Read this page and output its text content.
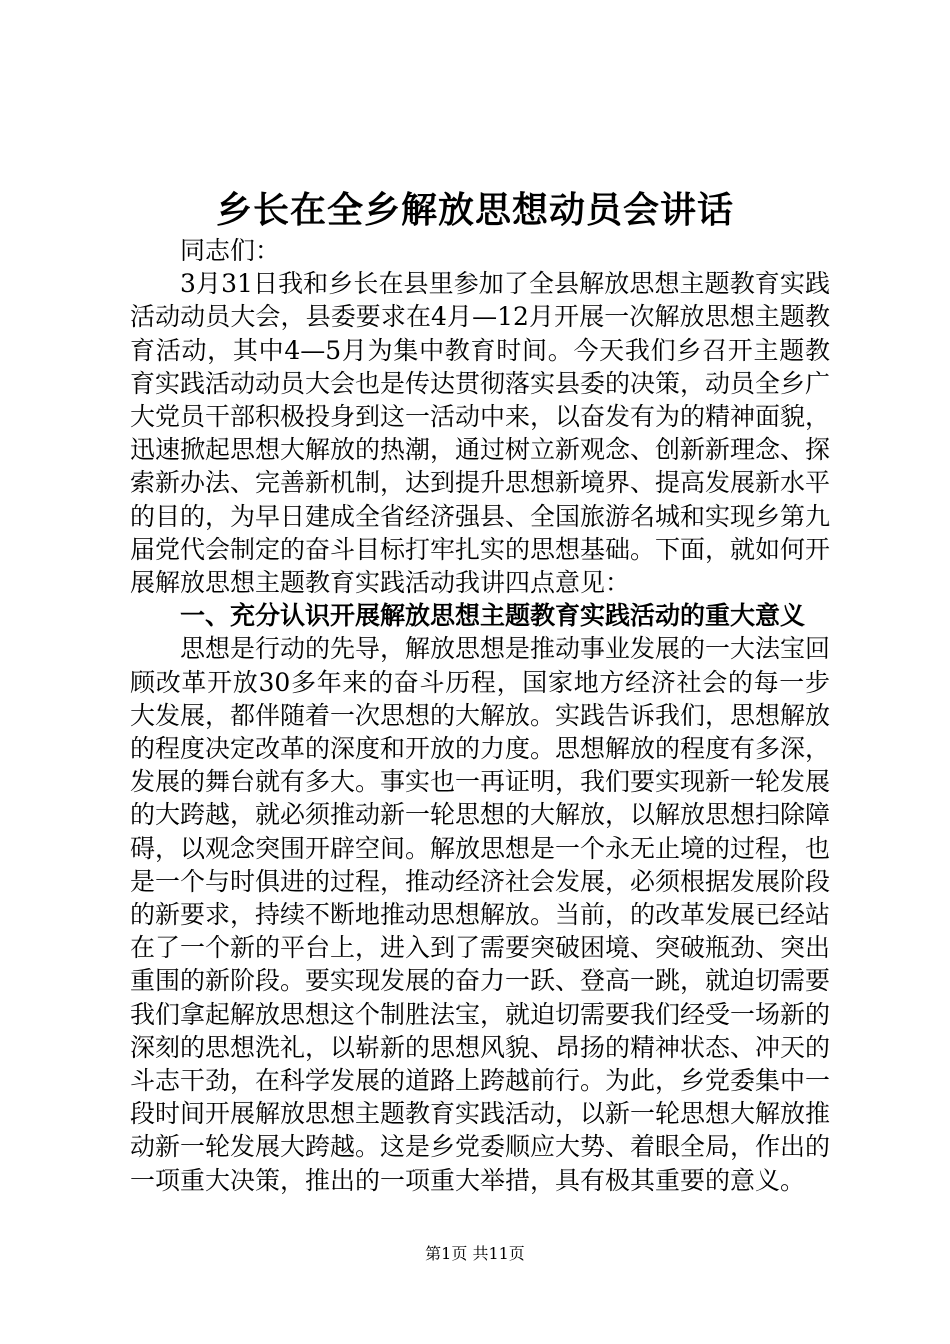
乡长在全乡解放思想动员会讲话

同志们：

3月31日我和乡长在县里参加了全县解放思想主题教育实践活动动员大会，县委要求在4月—12月开展一次解放思想主题教育活动，其中4—5月为集中教育时间。今天我们乡召开主题教育实践活动动员大会也是传达贯彻落实县委的决策，动员全乡广大党员干部积极投身到这一活动中来，以奋发有为的精神面貌，迅速掀起思想大解放的热潮，通过树立新观念、创新新理念、探索新办法、完善新机制，达到提升思想新境界、提高发展新水平的目的，为早日建成全省经济强县、全国旅游名城和实现乡第九届党代会制定的奋斗目标打牢扎实的思想基础。下面，就如何开展解放思想主题教育实践活动我讲四点意见：

一、充分认识开展解放思想主题教育实践活动的重大意义

思想是行动的先导，解放思想是推动事业发展的一大法宝回顾改革开放30多年来的奋斗历程，国家地方经济社会的每一步大发展，都伴随着一次思想的大解放。实践告诉我们，思想解放的程度决定改革的深度和开放的力度。思想解放的程度有多深，发展的舞台就有多大。事实也一再证明，我们要实现新一轮发展的大跨越，就必须推动新一轮思想的大解放，以解放思想扫除障碍，以观念突围开辟空间。解放思想是一个永无止境的过程，也是一个与时俱进的过程，推动经济社会发展，必须根据发展阶段的新要求，持续不断地推动思想解放。当前，的改革发展已经站在了一个新的平台上，进入到了需要突破困境、突破瓶劲、突出重围的新阶段。要实现发展的奋力一跃、登高一跳，就迫切需要我们拿起解放思想这个制胜法宝，就迫切需要我们经受一场新的深刻的思想洗礼，以崭新的思想风貌、昂扬的精神状态、冲天的斗志干劲，在科学发展的道路上跨越前行。为此，乡党委集中一段时间开展解放思想主题教育实践活动，以新一轮思想大解放推动新一轮发展大跨越。这是乡党委顺应大势、着眼全局，作出的一项重大决策，推出的一项重大举措，具有极其重要的意义。

第1页 共11页
